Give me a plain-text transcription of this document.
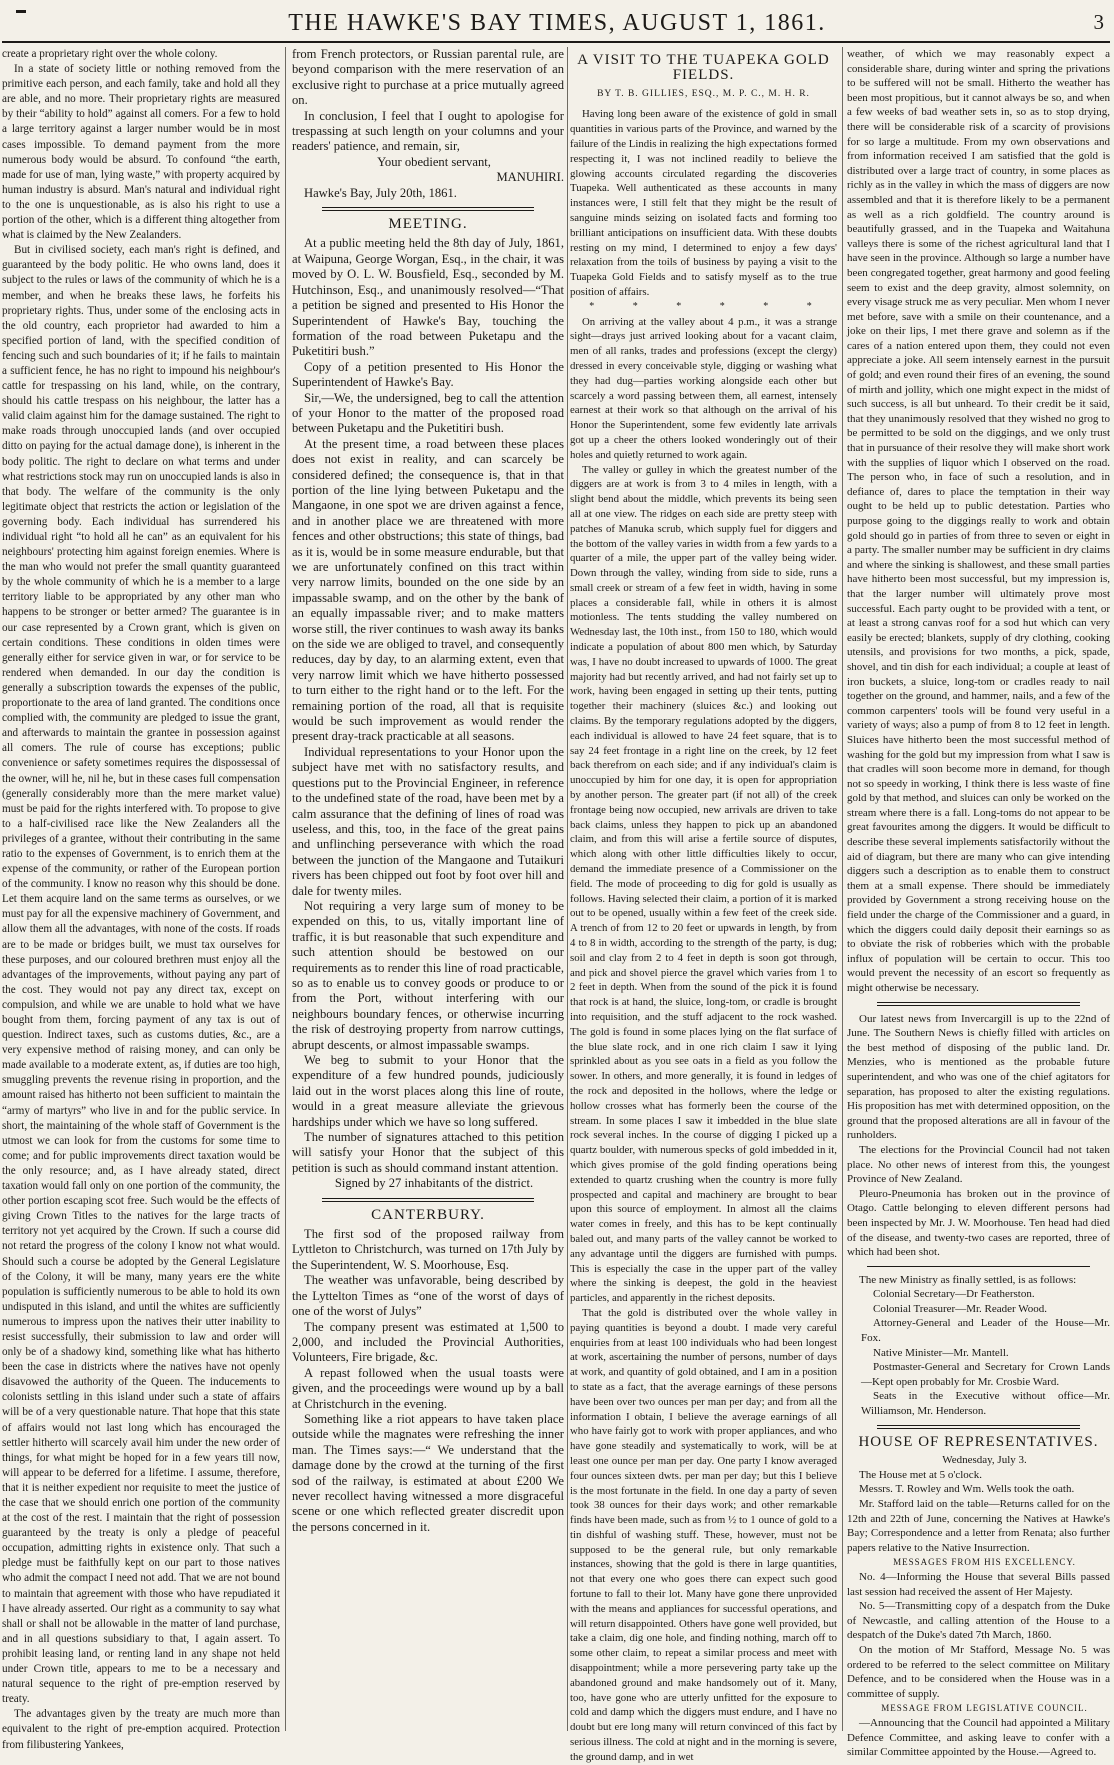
THE HAWKE'S BAY TIMES, AUGUST 1, 1861.	3

create a proprietary right over the whole colony.

In a state of society little or nothing removed from the primitive each person, and each family, take and hold all they are able, and no more. Their proprietary rights are measured by their “ability to hold” against all comers. For a few to hold a large territory against a larger number would be in most cases impossible. To demand payment from the more numerous body would be absurd. To confound “the earth, made for use of man, lying waste,” with property acquired by human industry is absurd. Man's natural and individual right to the one is unquestionable, as is also his right to use a portion of the other, which is a different thing altogether from what is claimed by the New Zealanders.

But in civilised society, each man's right is defined, and guaranteed by the body politic. He who owns land, does it subject to the rules or laws of the community of which he is a member, and when he breaks these laws, he forfeits his proprietary rights. Thus, under some of the enclosing acts in the old country, each proprietor had awarded to him a specified portion of land, with the specified condition of fencing such and such boundaries of it; if he fails to maintain a sufficient fence, he has no right to impound his neighbour's cattle for trespassing on his land, while, on the contrary, should his cattle trespass on his neighbour, the latter has a valid claim against him for the damage sustained. The right to make roads through unoccupied lands (and over occupied ditto on paying for the actual damage done), is inherent in the body politic. The right to declare on what terms and under what restrictions stock may run on unoccupied lands is also in that body. The welfare of the community is the only legitimate object that restricts the action or legislation of the governing body. Each individual has surrendered his individual right “to hold all he can” as an equivalent for his neighbours' protecting him against foreign enemies. Where is the man who would not prefer the small quantity guaranteed by the whole community of which he is a member to a large territory liable to be appropriated by any other man who happens to be stronger or better armed? The guarantee is in our case represented by a Crown grant, which is given on certain conditions. These conditions in olden times were generally either for service given in war, or for service to be rendered when demanded. In our day the condition is generally a subscription towards the expenses of the public, proportionate to the area of land granted. The conditions once complied with, the community are pledged to issue the grant, and afterwards to maintain the grantee in possession against all comers. The rule of course has exceptions; public convenience or safety sometimes requires the dispossessal of the owner, will he, nil he, but in these cases full compensation (generally considerably more than the mere market value) must be paid for the rights interfered with. To propose to give to a half-civilised race like the New Zealanders all the privileges of a grantee, without their contributing in the same ratio to the expenses of Government, is to enrich them at the expense of the community, or rather of the European portion of the community. I know no reason why this should be done. Let them acquire land on the same terms as ourselves, or we must pay for all the expensive machinery of Government, and allow them all the advantages, with none of the costs. If roads are to be made or bridges built, we must tax ourselves for these purposes, and our coloured brethren must enjoy all the advantages of the improvements, without paying any part of the cost. They would not pay any direct tax, except on compulsion, and while we are unable to hold what we have bought from them, forcing payment of any tax is out of question. Indirect taxes, such as customs duties, &c., are a very expensive method of raising money, and can only be made available to a moderate extent, as, if duties are too high, smuggling prevents the revenue rising in proportion, and the amount raised has hitherto not been sufficient to maintain the “army of martyrs” who live in and for the public service. In short, the maintaining of the whole staff of Government is the utmost we can look for from the customs for some time to come; and for public improvements direct taxation would be the only resource; and, as I have already stated, direct taxation would fall only on one portion of the community, the other portion escaping scot free. Such would be the effects of giving Crown Titles to the natives for the large tracts of territory not yet acquired by the Crown. If such a course did not retard the progress of the colony I know not what would. Should such a course be adopted by the General Legislature of the Colony, it will be many, many years ere the white population is sufficiently numerous to be able to hold its own undisputed in this island, and until the whites are sufficiently numerous to impress upon the natives their utter inability to resist successfully, their submission to law and order will only be of a shadowy kind, something like what has hitherto been the case in districts where the natives have not openly disavowed the authority of the Queen. The inducements to colonists settling in this island under such a state of affairs will be of a very questionable nature. That hope that this state of affairs would not last long which has encouraged the settler hitherto will scarcely avail him under the new order of things, for what might be hoped for in a few years till now, will appear to be deferred for a lifetime. I assume, therefore, that it is neither expedient nor requisite to meet the justice of the case that we should enrich one portion of the community at the cost of the rest. I maintain that the right of possession guaranteed by the treaty is only a pledge of peaceful occupation, admitting rights in existence only. That such a pledge must be faithfully kept on our part to those natives who admit the compact I need not add. That we are not bound to maintain that agreement with those who have repudiated it I have already asserted. Our right as a community to say what shall or shall not be allowable in the matter of land purchase, and in all questions subsidiary to that, I again assert. To prohibit leasing land, or renting land in any shape not held under Crown title, appears to me to be a necessary and natural sequence to the right of pre-emption reserved by treaty.

The advantages given by the treaty are much more than equivalent to the right of pre-emption acquired. Protection from filibustering Yankees,

from French protectors, or Russian parental rule, are beyond comparison with the mere reservation of an exclusive right to purchase at a price mutually agreed on.

In conclusion, I feel that I ought to apologise for trespassing at such length on your columns and your readers' patience, and remain, sir,

Your obedient servant,

MANUHIRI.

Hawke's Bay, July 20th, 1861.

MEETING.

At a public meeting held the 8th day of July, 1861, at Waipuna, George Worgan, Esq., in the chair, it was moved by O. L. W. Bousfield, Esq., seconded by M. Hutchinson, Esq., and unanimously resolved—“That a petition be signed and presented to His Honor the Superintendent of Hawke's Bay, touching the formation of the road between Puketapu and the Puketitiri bush.”

Copy of a petition presented to His Honor the Superintendent of Hawke's Bay.

Sir,—We, the undersigned, beg to call the attention of your Honor to the matter of the proposed road between Puketapu and the Puketitiri bush.

At the present time, a road between these places does not exist in reality, and can scarcely be considered defined; the consequence is, that in that portion of the line lying between Puketapu and the Mangaone, in one spot we are driven against a fence, and in another place we are threatened with more fences and other obstructions; this state of things, bad as it is, would be in some measure endurable, but that we are unfortunately confined on this tract within very narrow limits, bounded on the one side by an impassable swamp, and on the other by the bank of an equally impassable river; and to make matters worse still, the river continues to wash away its banks on the side we are obliged to travel, and consequently reduces, day by day, to an alarming extent, even that very narrow limit which we have hitherto possessed to turn either to the right hand or to the left. For the remaining portion of the road, all that is requisite would be such improvement as would render the present dray-track practicable at all seasons.

Individual representations to your Honor upon the subject have met with no satisfactory results, and questions put to the Provincial Engineer, in reference to the undefined state of the road, have been met by a calm assurance that the defining of lines of road was useless, and this, too, in the face of the great pains and unflinching perseverance with which the road between the junction of the Mangaone and Tutaikuri rivers has been chipped out foot by foot over hill and dale for twenty miles.

Not requiring a very large sum of money to be expended on this, to us, vitally important line of traffic, it is but reasonable that such expenditure and such attention should be bestowed on our requirements as to render this line of road practicable, so as to enable us to convey goods or produce to or from the Port, without interfering with our neighbours boundary fences, or otherwise incurring the risk of destroying property from narrow cuttings, abrupt descents, or almost impassable swamps.

We beg to submit to your Honor that the expenditure of a few hundred pounds, judiciously laid out in the worst places along this line of route, would in a great measure alleviate the grievous hardships under which we have so long suffered.

The number of signatures attached to this petition will satisfy your Honor that the subject of this petition is such as should command instant attention.

Signed by 27 inhabitants of the district.

CANTERBURY.

The first sod of the proposed railway from Lyttleton to Christchurch, was turned on 17th July by the Superintendent, W. S. Moorhouse, Esq.

The weather was unfavorable, being described by the Lyttelton Times as “one of the worst of days of one of the worst of Julys”

The company present was estimated at 1,500 to 2,000, and included the Provincial Authorities, Volunteers, Fire brigade, &c.

A repast followed when the usual toasts were given, and the proceedings were wound up by a ball at Christchurch in the evening.

Something like a riot appears to have taken place outside while the magnates were refreshing the inner man. The Times says:—“ We understand that the damage done by the crowd at the turning of the first sod of the railway, is estimated at about £200 We never recollect having witnessed a more disgraceful scene or one which reflected greater discredit upon the persons concerned in it.

A VISIT TO THE TUAPEKA GOLD FIELDS.
BY T. B. GILLIES, ESQ., M. P. C., M. H. R.

Having long been aware of the existence of gold in small quantities in various parts of the Province, and warned by the failure of the Lindis in realizing the high expectations formed respecting it, I was not inclined readily to believe the glowing accounts circulated regarding the discoveries Tuapeka. Well authenticated as these accounts in many instances were, I still felt that they might be the result of sanguine minds seizing on isolated facts and forming too brilliant anticipations on insufficient data. With these doubts resting on my mind, I determined to enjoy a few days' relaxation from the toils of business by paying a visit to the Tuapeka Gold Fields and to satisfy myself as to the true position of affairs.

* * * * * *

On arriving at the valley about 4 p.m., it was a strange sight—drays just arrived looking about for a vacant claim, men of all ranks, trades and professions (except the clergy) dressed in every conceivable style, digging or washing what they had dug—parties working alongside each other but scarcely a word passing between them, all earnest, intensely earnest at their work so that although on the arrival of his Honor the Superintendent, some few evidently late arrivals got up a cheer the others looked wonderingly out of their holes and quietly returned to work again.

The valley or gulley in which the greatest number of the diggers are at work is from 3 to 4 miles in length, with a slight bend about the middle, which prevents its being seen all at one view. The ridges on each side are pretty steep with patches of Manuka scrub, which supply fuel for diggers and the bottom of the valley varies in width from a few yards to a quarter of a mile, the upper part of the valley being wider. Down through the valley, winding from side to side, runs a small creek or stream of a few feet in width, having in some places a considerable fall, while in others it is almost motionless. The tents studding the valley numbered on Wednesday last, the 10th inst., from 150 to 180, which would indicate a population of about 800 men which, by Saturday was, I have no doubt increased to upwards of 1000. The great majority had but recently arrived, and had not fairly set up to work, having been engaged in setting up their tents, putting together their machinery (sluices &c.) and looking out claims. By the temporary regulations adopted by the diggers, each individual is allowed to have 24 feet square, that is to say 24 feet frontage in a right line on the creek, by 12 feet back therefrom on each side; and if any individual's claim is unoccupied by him for one day, it is open for appropriation by another person. The greater part (if not all) of the creek frontage being now occupied, new arrivals are driven to take back claims, unless they happen to pick up an abandoned claim, and from this will arise a fertile source of disputes, which along with other little difficulties likely to occur, demand the immediate presence of a Commissioner on the field. The mode of proceeding to dig for gold is usually as follows. Having selected their claim, a portion of it is marked out to be opened, usually within a few feet of the creek side. A trench of from 12 to 20 feet or upwards in length, by from 4 to 8 in width, according to the strength of the party, is dug; soil and clay from 2 to 4 feet in depth is soon got through, and pick and shovel pierce the gravel which varies from 1 to 2 feet in depth. When from the sound of the pick it is found that rock is at hand, the sluice, long-tom, or cradle is brought into requisition, and the stuff adjacent to the rock washed. The gold is found in some places lying on the flat surface of the blue slate rock, and in one rich claim I saw it lying sprinkled about as you see oats in a field as you follow the sower. In others, and more generally, it is found in ledges of the rock and deposited in the hollows, where the ledge or hollow crosses what has formerly been the course of the stream. In some places I saw it imbedded in the blue slate rock several inches. In the course of digging I picked up a quartz boulder, with numerous specks of gold imbedded in it, which gives promise of the gold finding operations being extended to quartz crushing when the country is more fully prospected and capital and machinery are brought to bear upon this source of employment. In almost all the claims water comes in freely, and this has to be kept continually baled out, and many parts of the valley cannot be worked to any advantage until the diggers are furnished with pumps. This is especially the case in the upper part of the valley where the sinking is deepest, the gold in the heaviest particles, and apparently in the richest deposits.

That the gold is distributed over the whole valley in paying quantities is beyond a doubt. I made very careful enquiries from at least 100 individuals who had been longest at work, ascertaining the number of persons, number of days at work, and quantity of gold obtained, and I am in a position to state as a fact, that the average earnings of these persons have been over two ounces per man per day; and from all the information I obtain, I believe the average earnings of all who have fairly got to work with proper appliances, and who have gone steadily and systematically to work, will be at least one ounce per man per day. One party I know averaged four ounces sixteen dwts. per man per day; but this I believe is the most fortunate in the field. In one day a party of seven took 38 ounces for their days work; and other remarkable finds have been made, such as from ½ to 1 ounce of gold to a tin dishful of washing stuff. These, however, must not be supposed to be the general rule, but only remarkable instances, showing that the gold is there in large quantities, not that every one who goes there can expect such good fortune to fall to their lot. Many have gone there unprovided with the means and appliances for successful operations, and will return disappointed. Others have gone well provided, but take a claim, dig one hole, and finding nothing, march off to some other claim, to repeat a similar process and meet with disappointment; while a more persevering party take up the abandoned ground and make handsomely out of it. Many, too, have gone who are utterly unfitted for the exposure to cold and damp which the diggers must endure, and I have no doubt but ere long many will return convinced of this fact by serious illness. The cold at night and in the morning is severe, the ground damp, and in wet

weather, of which we may reasonably expect a considerable share, during winter and spring the privations to be suffered will not be small. Hitherto the weather has been most propitious, but it cannot always be so, and when a few weeks of bad weather sets in, so as to stop drying, there will be considerable risk of a scarcity of provisions for so large a multitude. From my own observations and from information received I am satisfied that the gold is distributed over a large tract of country, in some places as richly as in the valley in which the mass of diggers are now assembled and that it is therefore likely to be a permanent as well as a rich goldfield. The country around is beautifully grassed, and in the Tuapeka and Waitahuna valleys there is some of the richest agricultural land that I have seen in the province. Although so large a number have been congregated together, great harmony and good feeling seem to exist and the deep gravity, almost solemnity, on every visage struck me as very peculiar. Men whom I never met before, save with a smile on their countenance, and a joke on their lips, I met there grave and solemn as if the cares of a nation entered upon them, they could not even appreciate a joke. All seem intensely earnest in the pursuit of gold; and even round their fires of an evening, the sound of mirth and jollity, which one might expect in the midst of such success, is all but unheard. To their credit be it said, that they unanimously resolved that they wished no grog to be permitted to be sold on the diggings, and we only trust that in pursuance of their resolve they will make short work with the supplies of liquor which I observed on the road. The person who, in face of such a resolution, and in defiance of, dares to place the temptation in their way ought to be held up to public detestation. Parties who purpose going to the diggings really to work and obtain gold should go in parties of from three to seven or eight in a party. The smaller number may be sufficient in dry claims and where the sinking is shallowest, and these small parties have hitherto been most successful, but my impression is, that the larger number will ultimately prove most successful. Each party ought to be provided with a tent, or at least a strong canvas roof for a sod hut which can very easily be erected; blankets, supply of dry clothing, cooking utensils, and provisions for two months, a pick, spade, shovel, and tin dish for each individual; a couple at least of iron buckets, a sluice, long-tom or cradles ready to nail together on the ground, and hammer, nails, and a few of the common carpenters' tools will be found very useful in a variety of ways; also a pump of from 8 to 12 feet in length. Sluices have hitherto been the most successful method of washing for the gold but my impression from what I saw is that cradles will soon become more in demand, for though not so speedy in working, I think there is less waste of fine gold by that method, and sluices can only be worked on the stream where there is a fall. Long-toms do not appear to be great favourites among the diggers. It would be difficult to describe these several implements satisfactorily without the aid of diagram, but there are many who can give intending diggers such a description as to enable them to construct them at a small expense. There should be immediately provided by Government a strong receiving house on the field under the charge of the Commissioner and a guard, in which the diggers could daily deposit their earnings so as to obviate the risk of robberies which with the probable influx of population will be certain to occur. This too would prevent the necessity of an escort so frequently as might otherwise be necessary.

Our latest news from Invercargill is up to the 22nd of June. The Southern News is chiefly filled with articles on the best method of disposing of the public land. Dr. Menzies, who is mentioned as the probable future superintendent, and who was one of the chief agitators for separation, has proposed to alter the existing regulations. His proposition has met with determined opposition, on the ground that the proposed alterations are all in favour of the runholders.

The elections for the Provincial Council had not taken place. No other news of interest from this, the youngest Province of New Zealand.

Pleuro-Pneumonia has broken out in the province of Otago. Cattle belonging to eleven different persons had been inspected by Mr. J. W. Moorhouse. Ten head had died of the disease, and twenty-two cases are reported, three of which had been shot.

The new Ministry as finally settled, is as follows:

Colonial Secretary—Dr Featherston.

Colonial Treasurer—Mr. Reader Wood.

Attorney-General and Leader of the House—Mr. Fox.

Native Minister—Mr. Mantell.

Postmaster-General and Secretary for Crown Lands—Kept open probably for Mr. Crosbie Ward.

Seats in the Executive without office—Mr. Williamson, Mr. Henderson.

HOUSE OF REPRESENTATIVES.

Wednesday, July 3.

The House met at 5 o'clock.

Messrs. T. Rowley and Wm. Wells took the oath.

Mr. Stafford laid on the table—Returns called for on the 12th and 22th of June, concerning the Natives at Hawke's Bay; Correspondence and a letter from Renata; also further papers relative to the Native Insurrection.

MESSAGES FROM HIS EXCELLENCY.

No. 4—Informing the House that several Bills passed last session had received the assent of Her Majesty.

No. 5—Transmitting copy of a despatch from the Duke of Newcastle, and calling attention of the House to a despatch of the Duke's dated 7th March, 1860.

On the motion of Mr Stafford, Message No. 5 was ordered to be referred to the select committee on Military Defence, and to be considered when the House was in a committee of supply.

MESSAGE FROM LEGISLATIVE COUNCIL.

—Announcing that the Council had appointed a Military Defence Committee, and asking leave to confer with a similar Committee appointed by the House.—Agreed to.
